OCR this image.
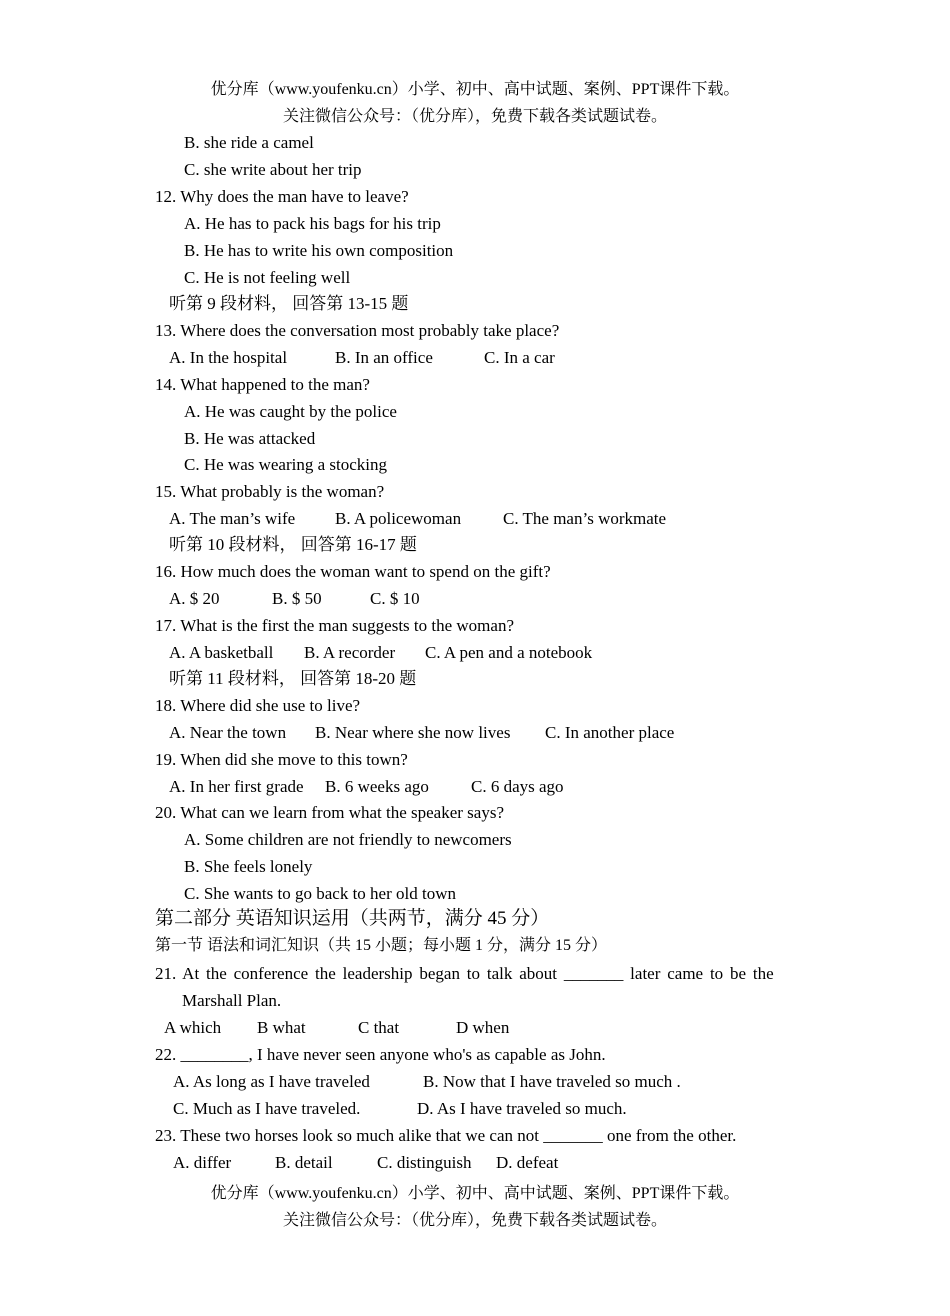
优分库（www.youfenku.cn）小学、初中、高中试题、案例、PPT课件下载。
关注微信公众号：（优分库），免费下载各类试题试卷。
B. she ride a camel
C. she write about her trip
12. Why does the man have to leave?
A. He has to pack his bags for his trip
B. He has to write his own composition
C. He is not feeling well
听第 9 段材料， 回答第 13-15 题
13. Where does the conversation most probably take place?
A. In the hospital	B. In an office	C. In a car
14. What happened to the man?
A. He was caught by the police
B. He was attacked
C. He was wearing a stocking
15. What probably is the woman?
A. The man’s wife B. A policewoman C. The man’s workmate
听第 10 段材料， 回答第 16-17 题
16. How much does the woman want to spend on the gift?
A. $ 20	B. $ 50	C. $ 10
17. What is the first the man suggests to the woman?
A. A basketball B. A recorder C. A pen and a notebook
听第 11 段材料， 回答第 18-20 题
18. Where did she use to live?
A. Near the town B. Near where she now lives C. In another place
19. When did she move to this town?
A. In her first grade B. 6 weeks ago C. 6 days ago
20. What can we learn from what the speaker says?
A. Some children are not friendly to newcomers
B. She feels lonely
C. She wants to go back to her old town
第二部分 英语知识运用（共两节，满分 45 分）
第一节 语法和词汇知识（共 15 小题；每小题 1 分，满分 15 分）
21. At the conference the leadership began to talk about _______ later came to be the
Marshall Plan.
A which B what	C that	D when
22. ________, I have never seen anyone who's as capable as John.
A. As long as I have traveled	B. Now that I have traveled so much .
C. Much as I have traveled.	D. As I have traveled so much.
23. These two horses look so much alike that we can not _______ one from the other.
A. differ	B. detail	C. distinguish D. defeat
优分库（www.youfenku.cn）小学、初中、高中试题、案例、PPT课件下载。
关注微信公众号：（优分库），免费下载各类试题试卷。
